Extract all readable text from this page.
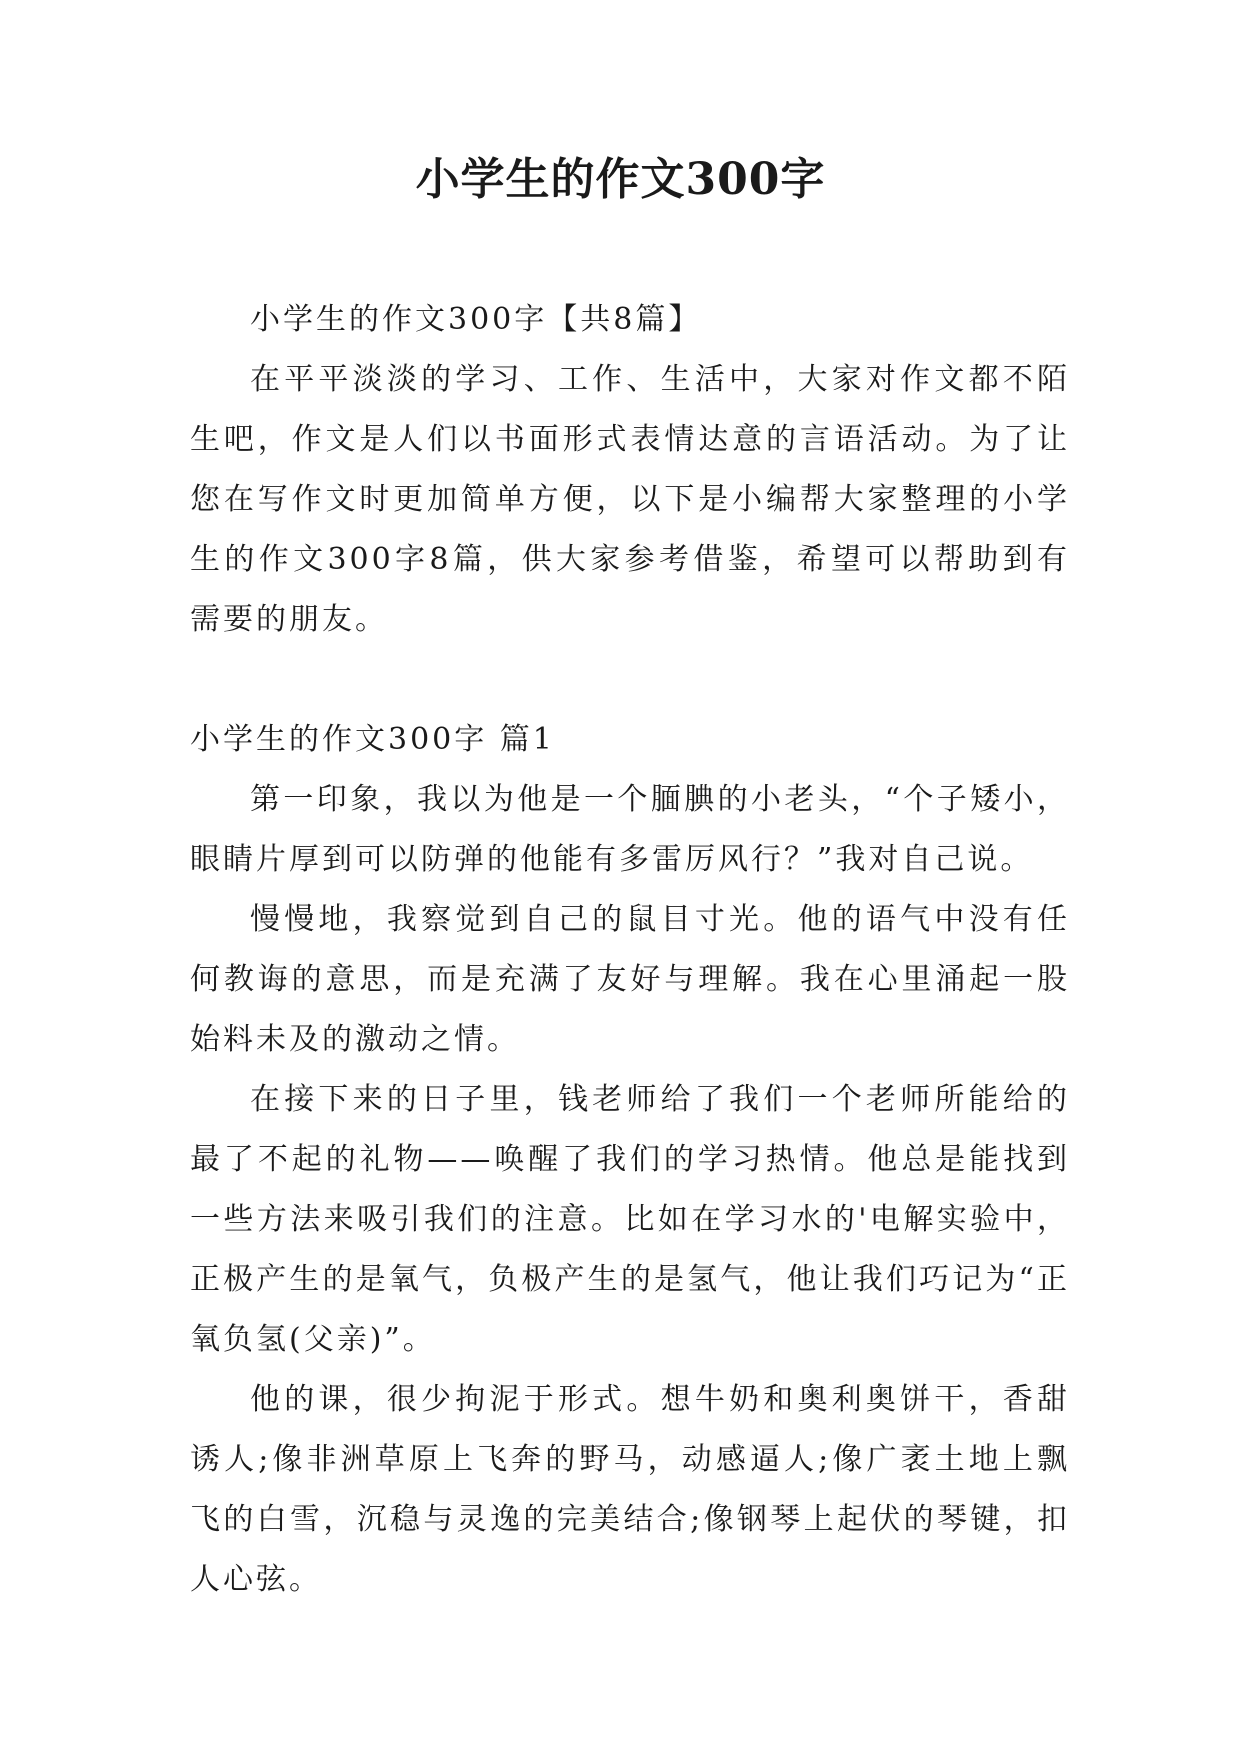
小学生的作文300字

小学生的作文300字【共8篇】

在平平淡淡的学习、工作、生活中，大家对作文都不陌生吧，作文是人们以书面形式表情达意的言语活动。为了让您在写作文时更加简单方便，以下是小编帮大家整理的小学生的作文300字8篇，供大家参考借鉴，希望可以帮助到有需要的朋友。

小学生的作文300字 篇1

第一印象，我以为他是一个腼腆的小老头，“个子矮小，眼睛片厚到可以防弹的他能有多雷厉风行？”我对自己说。

慢慢地，我察觉到自己的鼠目寸光。他的语气中没有任何教诲的意思，而是充满了友好与理解。我在心里涌起一股始料未及的激动之情。

在接下来的日子里，钱老师给了我们一个老师所能给的最了不起的礼物——唤醒了我们的学习热情。他总是能找到一些方法来吸引我们的注意。比如在学习水的'电解实验中，正极产生的是氧气，负极产生的是氢气，他让我们巧记为“正氧负氢(父亲)”。

他的课，很少拘泥于形式。想牛奶和奥利奥饼干，香甜诱人;像非洲草原上飞奔的野马，动感逼人;像广袤土地上飘飞的白雪，沉稳与灵逸的完美结合;像钢琴上起伏的琴键，扣人心弦。
